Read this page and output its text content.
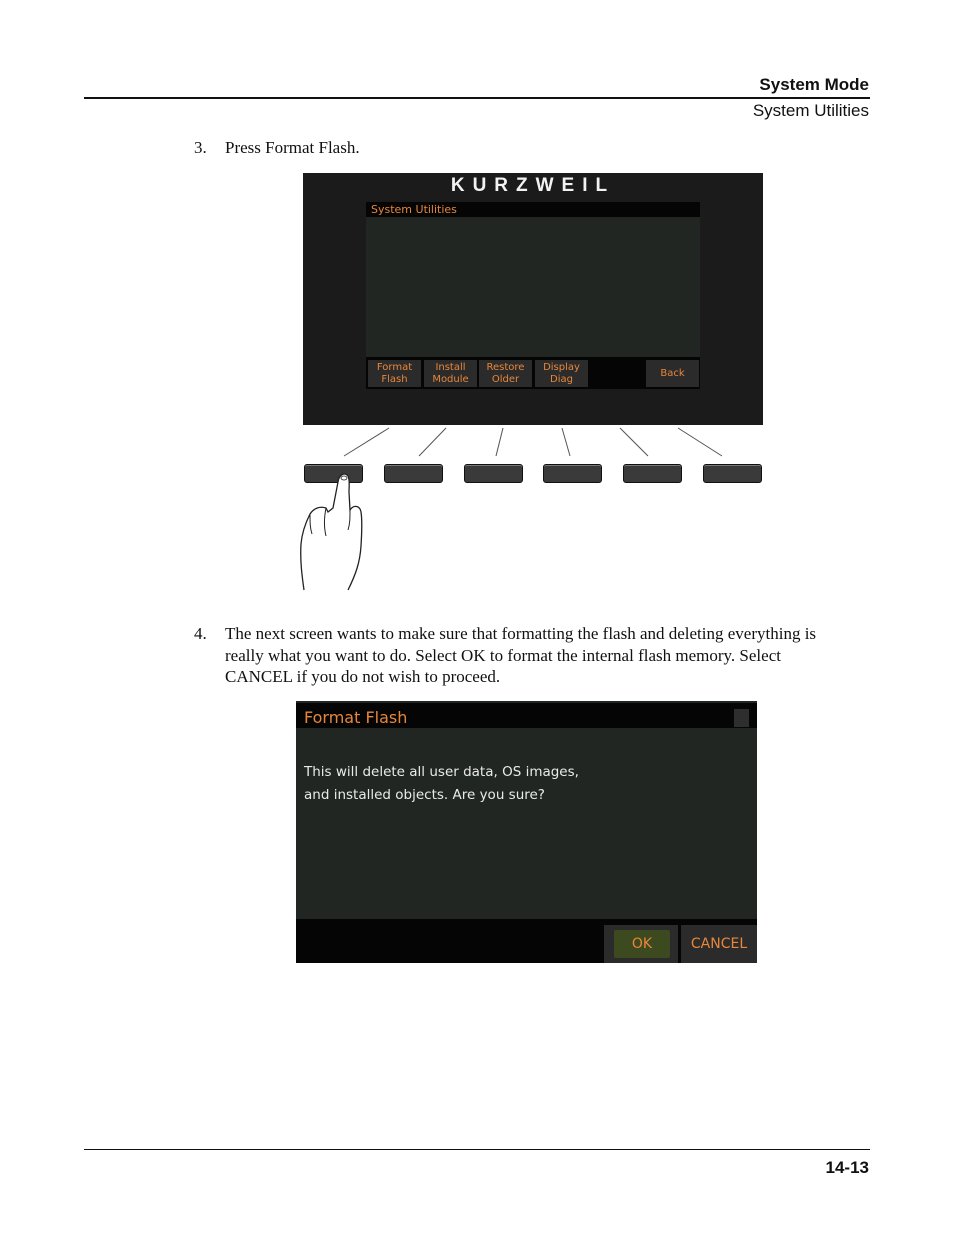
System Mode
System Utilities
3. Press Format Flash.
KURZWEIL
System Utilities
Format
Flash
Install
Module
Restore
Older
Display
Diag
Back
4. The next screen wants to make sure that formatting the flash and deleting everything is really what you want to do. Select OK to format the internal flash memory. Select CANCEL if you do not wish to proceed.
Format Flash
This will delete all user data, OS images,
and installed objects. Are you sure?
OK	CANCEL
14-13
